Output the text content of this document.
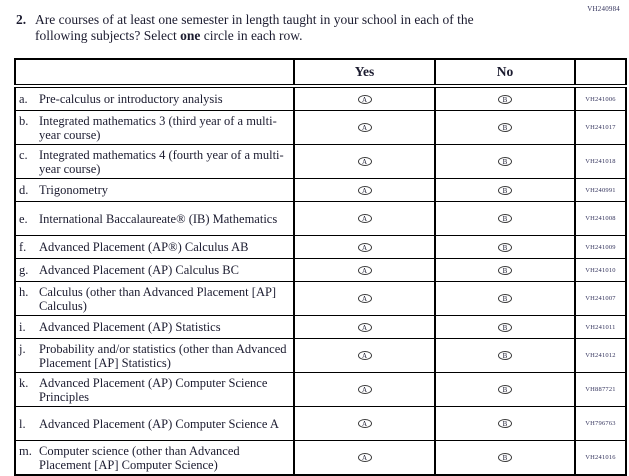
VH240984
2. Are courses of at least one semester in length taught in your school in each of the following subjects? Select one circle in each row.
	Yes	No	

a. Pre-calculus or introductory analysis	A	B	VH241006

b. Integrated mathematics 3 (third year of a multi-year course)	A	B	VH241017

c. Integrated mathematics 4 (fourth year of a multi-year course)	A	B	VH241018

d. Trigonometry	A	B	VH240991

e. International Baccalaureate® (IB) Mathematics	A	B	VH241008

f. Advanced Placement (AP®) Calculus AB	A	B	VH241009

g. Advanced Placement (AP) Calculus BC	A	B	VH241010

h. Calculus (other than Advanced Placement [AP] Calculus)	A	B	VH241007

i. Advanced Placement (AP) Statistics	A	B	VH241011

j. Probability and/or statistics (other than Advanced Placement [AP] Statistics)	A	B	VH241012

k. Advanced Placement (AP) Computer Science Principles	A	B	VH887721

l. Advanced Placement (AP) Computer Science A	A	B	VH796763

m. Computer science (other than Advanced Placement [AP] Computer Science)	A	B	VH241016
